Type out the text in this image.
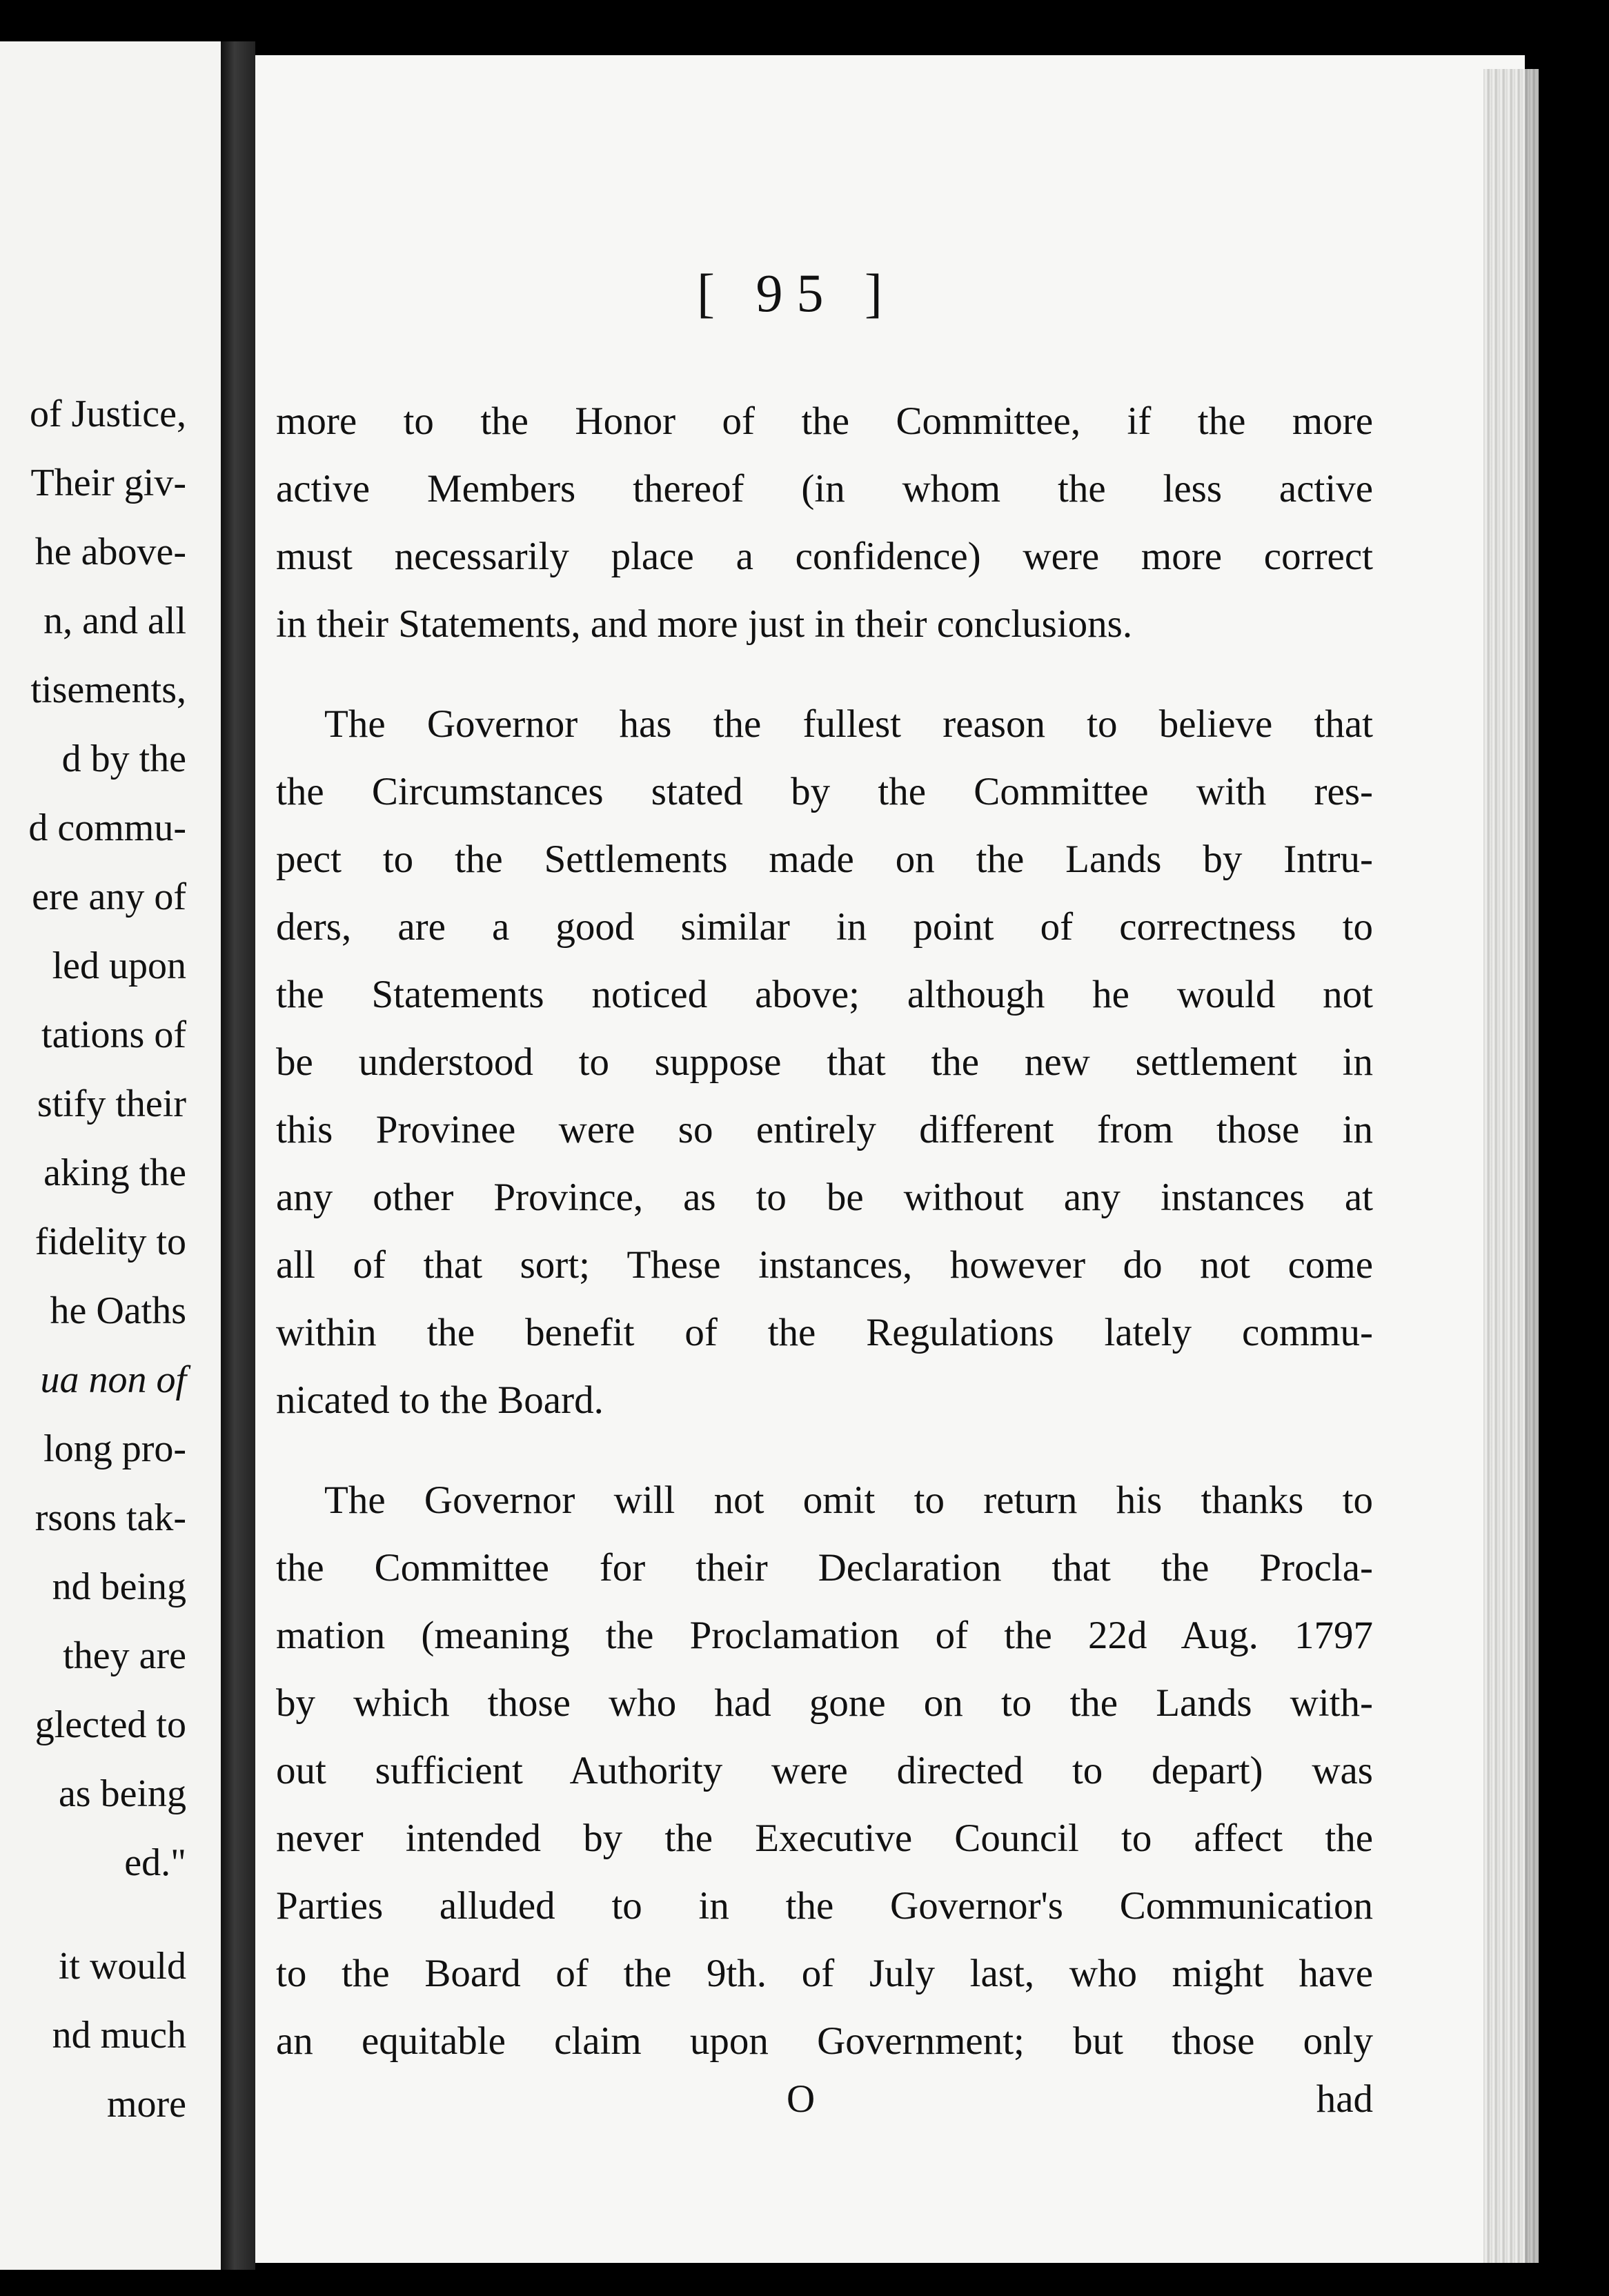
of Justice,
Their giv-
he above-
n, and all
tisements,
d by the
d commu-
ere any of
led upon
tations of
stify their
aking the
fidelity to
he Oaths
ua non of
long pro-
rsons tak-
nd being
they are
glected to
as being
ed."
it would
nd much
more
[ 95 ]

more to the Honor of the Committee, if the more
active Members thereof (in whom the less active
must necessarily place a confidence) were more correct
in their Statements, and more just in their conclusions.

The Governor has the fullest reason to believe that
the Circumstances stated by the Committee with res-
pect to the Settlements made on the Lands by Intru-
ders, are a good similar in point of correctness to
the Statements noticed above; although he would not
be understood to suppose that the new settlement in
this Provinee were so entirely different from those in
any other Province, as to be without any instances at
all of that sort; These instances, however do not come
within the benefit of the Regulations lately commu-
nicated to the Board.

The Governor will not omit to return his thanks to
the Committee for their Declaration that the Procla-
mation (meaning the Proclamation of the 22d Aug. 1797
by which those who had gone on to the Lands with-
out sufficient Authority were directed to depart) was
never intended by the Executive Council to affect the
Parties alluded to in the Governor's Communication
to the Board of the 9th. of July last, who might have
an equitable claim upon Government; but those only

O	had
